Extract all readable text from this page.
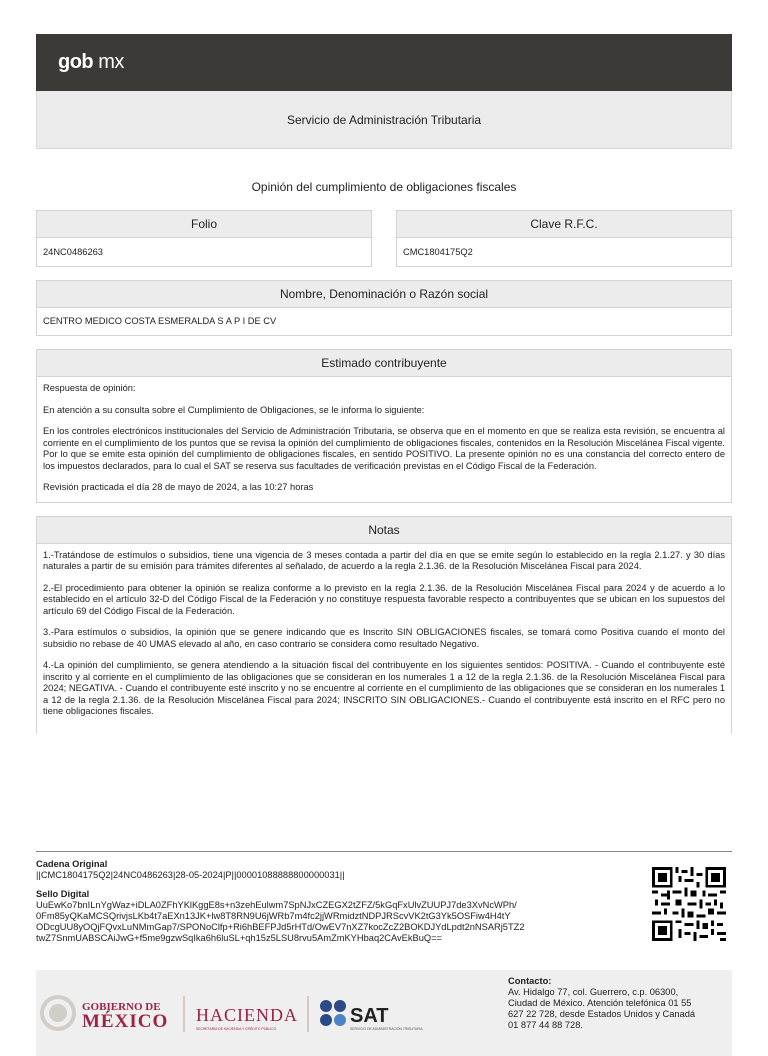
gob mx
Servicio de Administración Tributaria
Opinión del cumplimiento de obligaciones fiscales
Folio
24NC0486263
Clave R.F.C.
CMC1804175Q2
Nombre, Denominación o Razón social
CENTRO MEDICO COSTA ESMERALDA S A P I DE CV
Estimado contribuyente

Respuesta de opinión:

En atención a su consulta sobre el Cumplimiento de Obligaciones, se le informa lo siguiente:

En los controles electrónicos institucionales del Servicio de Administración Tributaria, se observa que en el momento en que se realiza esta revisión, se encuentra al corriente en el cumplimiento de los puntos que se revisa la opinión del cumplimiento de obligaciones fiscales, contenidos en la Resolución Miscelánea Fiscal vigente. Por lo que se emite esta opinión del cumplimiento de obligaciones fiscales, en sentido POSITIVO. La presente opinión no es una constancia del correcto entero de los impuestos declarados, para lo cual el SAT se reserva sus facultades de verificación previstas en el Código Fiscal de la Federación.

Revisión practicada el día 28 de mayo de 2024, a las 10:27 horas

Notas

1.-Tratándose de estímulos o subsidios, tiene una vigencia de 3 meses contada a partir del día en que se emite según lo establecido en la regla 2.1.27. y 30 días naturales a partir de su emisión para trámites diferentes al señalado, de acuerdo a la regla 2.1.36. de la Resolución Miscelánea Fiscal para 2024.

2.-El procedimiento para obtener la opinión se realiza conforme a lo previsto en la regla 2.1.36. de la Resolución Miscelánea Fiscal para 2024 y de acuerdo a lo establecido en el artículo 32-D del Código Fiscal de la Federación y no constituye respuesta favorable respecto a contribuyentes que se ubican en los supuestos del artículo 69 del Código Fiscal de la Federación.

3.-Para estímulos o subsidios, la opinión que se genere indicando que es Inscrito SIN OBLIGACIONES fiscales, se tomará como Positiva cuando el monto del subsidio no rebase de 40 UMAS elevado al año, en caso contrario se considera como resultado Negativo.

4.-La opinión del cumplimiento, se genera atendiendo a la situación fiscal del contribuyente en los siguientes sentidos: POSITIVA. - Cuando el contribuyente esté inscrito y al corriente en el cumplimiento de las obligaciones que se consideran en los numerales 1 a 12 de la regla 2.1.36. de la Resolución Miscelánea Fiscal para 2024; NEGATIVA. - Cuando el contribuyente esté inscrito y no se encuentre al corriente en el cumplimiento de las obligaciones que se consideran en los numerales 1 a 12 de la regla 2.1.36. de la Resolución Miscelánea Fiscal para 2024; INSCRITO SIN OBLIGACIONES.- Cuando el contribuyente está inscrito en el RFC pero no tiene obligaciones fiscales.

Cadena Original
||CMC1804175Q2|24NC0486263|28-05-2024|P||00001088888800000031||
Sello Digital
UuEwKo7bnILnYgWaz+iDLA0ZFhYKlKggE8s+n3zehEulwm7SpNJxCZEGX2tZFZ/5kGqFxUlvZUUPJ7de3XvNcWPh/
0Fm85yQKaMCSQrivjsLKb4t7aEXn13JK+lw8T8RN9U6jWRb7m4fc2jjWRmidztNDPJRScvVK2tG3Yk5OSFiw4H4tY
ODcgUU8yOQjFQvxLuNMmGap7/SPONoClfp+Ri6hBEFPJd5rHTd/OwEV7nXZ7kocZcZ2BOKDJYdLpdt2nNSARj5TZ2
twZ7SnmUABSCAiJwG+f5me9gzwSqIka6h6luSL+qh15z5LSU8rvu5AmZmKYHbaq2CAvEkBuQ==
GOBIERNO DE
MÉXICO HACIENDA
SECRETARÍA DE HACIENDA Y CRÉDITO PÚBLICO
SAT
SERVICIO DE ADMINISTRACIÓN TRIBUTARIA
Contacto:
Av. Hidalgo 77, col. Guerrero, c.p. 06300,
Ciudad de México. Atención telefónica 01 55
627 22 728, desde Estados Unidos y Canadá
01 877 44 88 728.
